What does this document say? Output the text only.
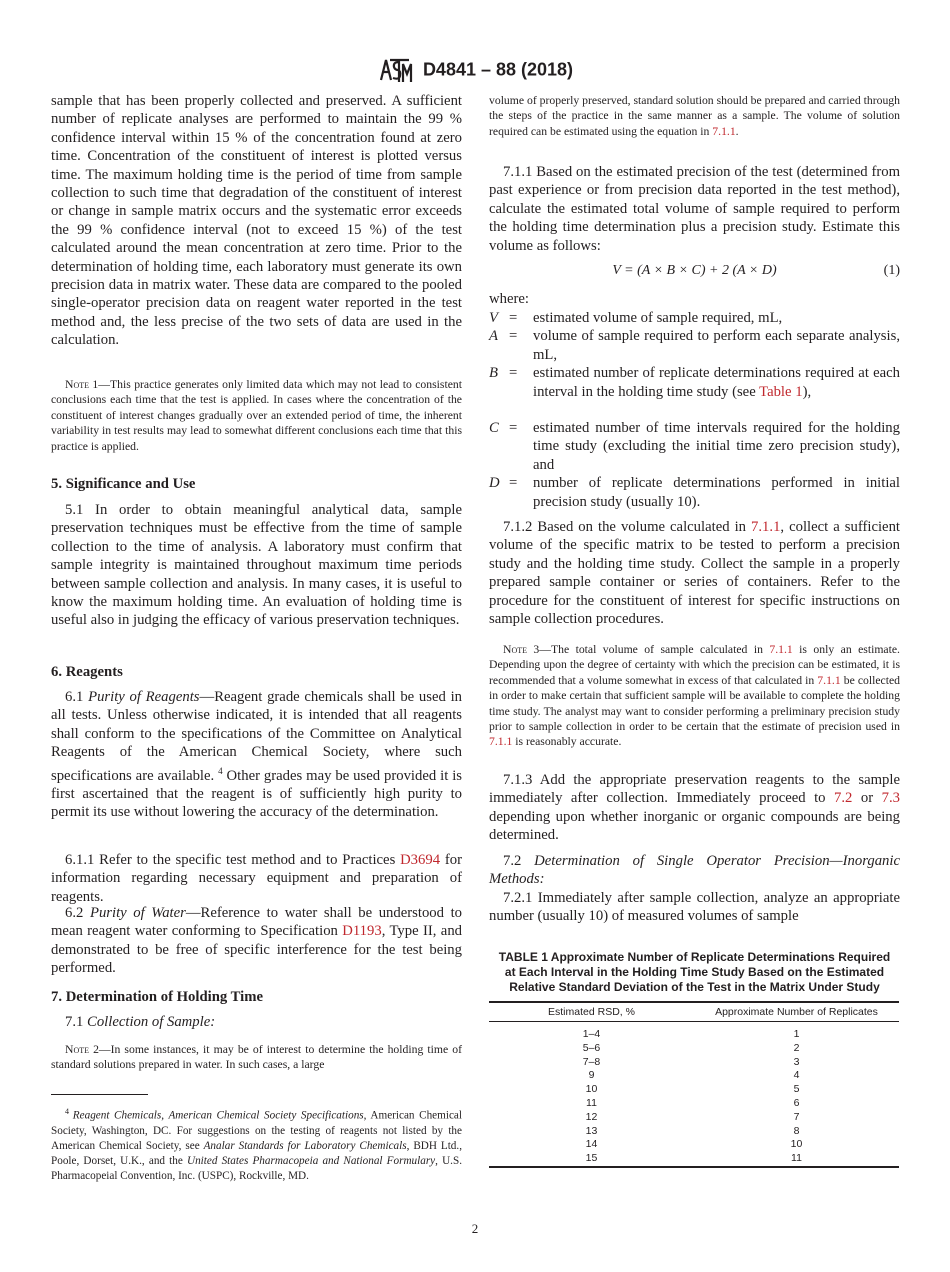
D4841 – 88 (2018)

sample that has been properly collected and preserved. A sufficient number of replicate analyses are performed to maintain the 99 % confidence interval within 15 % of the concentration found at zero time. Concentration of the constituent of interest is plotted versus time. The maximum holding time is the period of time from sample collection to such time that degradation of the constituent of interest or change in sample matrix occurs and the systematic error exceeds the 99 % confidence interval (not to exceed 15 %) of the test calculated around the mean concentration at zero time. Prior to the determination of holding time, each laboratory must generate its own precision data in matrix water. These data are compared to the pooled single-operator precision data on reagent water reported in the test method and, the less precise of the two sets of data are used in the calculation.

Note 1—This practice generates only limited data which may not lead to consistent conclusions each time that the test is applied. In cases where the concentration of the constituent of interest changes gradually over an extended period of time, the inherent variability in test results may lead to somewhat different conclusions each time that this practice is applied.

5. Significance and Use

5.1 In order to obtain meaningful analytical data, sample preservation techniques must be effective from the time of sample collection to the time of analysis. A laboratory must confirm that sample integrity is maintained throughout maximum time periods between sample collection and analysis. In many cases, it is useful to know the maximum holding time. An evaluation of holding time is useful also in judging the efficacy of various preservation techniques.

6. Reagents

6.1 Purity of Reagents—Reagent grade chemicals shall be used in all tests. Unless otherwise indicated, it is intended that all reagents shall conform to the specifications of the Committee on Analytical Reagents of the American Chemical Society, where such specifications are available. $^4$ Other grades may be used provided it is first ascertained that the reagent is of sufficiently high purity to permit its use without lowering the accuracy of the determination.

6.1.1 Refer to the specific test method and to Practices D3694 for information regarding necessary equipment and preparation of reagents.

6.2 Purity of Water—Reference to water shall be understood to mean reagent water conforming to Specification D1193, Type II, and demonstrated to be free of specific interference for the test being performed.

7. Determination of Holding Time

7.1 Collection of Sample:

Note 2—In some instances, it may be of interest to determine the holding time of standard solutions prepared in water. In such cases, a large

$^4$ Reagent Chemicals, American Chemical Society Specifications, American Chemical Society, Washington, DC. For suggestions on the testing of reagents not listed by the American Chemical Society, see Analar Standards for Laboratory Chemicals, BDH Ltd., Poole, Dorset, U.K., and the United States Pharmacopeia and National Formulary, U.S. Pharmacopeial Convention, Inc. (USPC), Rockville, MD.

volume of properly preserved, standard solution should be prepared and carried through the steps of the practice in the same manner as a sample. The volume of solution required can be estimated using the equation in 7.1.1.

7.1.1 Based on the estimated precision of the test (determined from past experience or from precision data reported in the test method), calculate the estimated total volume of sample required to perform the holding time determination plus a precision study. Estimate this volume as follows:

V = (A × B × C) + 2 (A × D)	(1)

where:

V =	estimated volume of sample required, mL,
A =	volume of sample required to perform each separate analysis, mL,
B =	estimated number of replicate determinations required at each interval in the holding time study (see Table 1),
C =	estimated number of time intervals required for the holding time study (excluding the initial time zero precision study), and
D =	number of replicate determinations performed in initial precision study (usually 10).

7.1.2 Based on the volume calculated in 7.1.1, collect a sufficient volume of the specific matrix to be tested to perform a precision study and the holding time study. Collect the sample in a properly prepared sample container or series of containers. Refer to the procedure for the constituent of interest for specific instructions on sample collection procedures.

Note 3—The total volume of sample calculated in 7.1.1 is only an estimate. Depending upon the degree of certainty with which the precision can be estimated, it is recommended that a volume somewhat in excess of that calculated in 7.1.1 be collected in order to make certain that sufficient sample will be available to complete the holding time study. The analyst may want to consider performing a preliminary precision study prior to sample collection in order to be certain that the estimate of precision used in 7.1.1 is reasonably accurate.

7.1.3 Add the appropriate preservation reagents to the sample immediately after collection. Immediately proceed to 7.2 or 7.3 depending upon whether inorganic or organic compounds are being determined.

7.2 Determination of Single Operator Precision—Inorganic Methods:

7.2.1 Immediately after sample collection, analyze an appropriate number (usually 10) of measured volumes of sample

TABLE 1 Approximate Number of Replicate Determinations Required at Each Interval in the Holding Time Study Based on the Estimated Relative Standard Deviation of the Test in the Matrix Under Study
Estimated RSD, %	Approximate Number of Replicates
1–4	1
5–6	2
7–8	3
9	4
10	5
11	6
12	7
13	8
14	10
15	11
2
